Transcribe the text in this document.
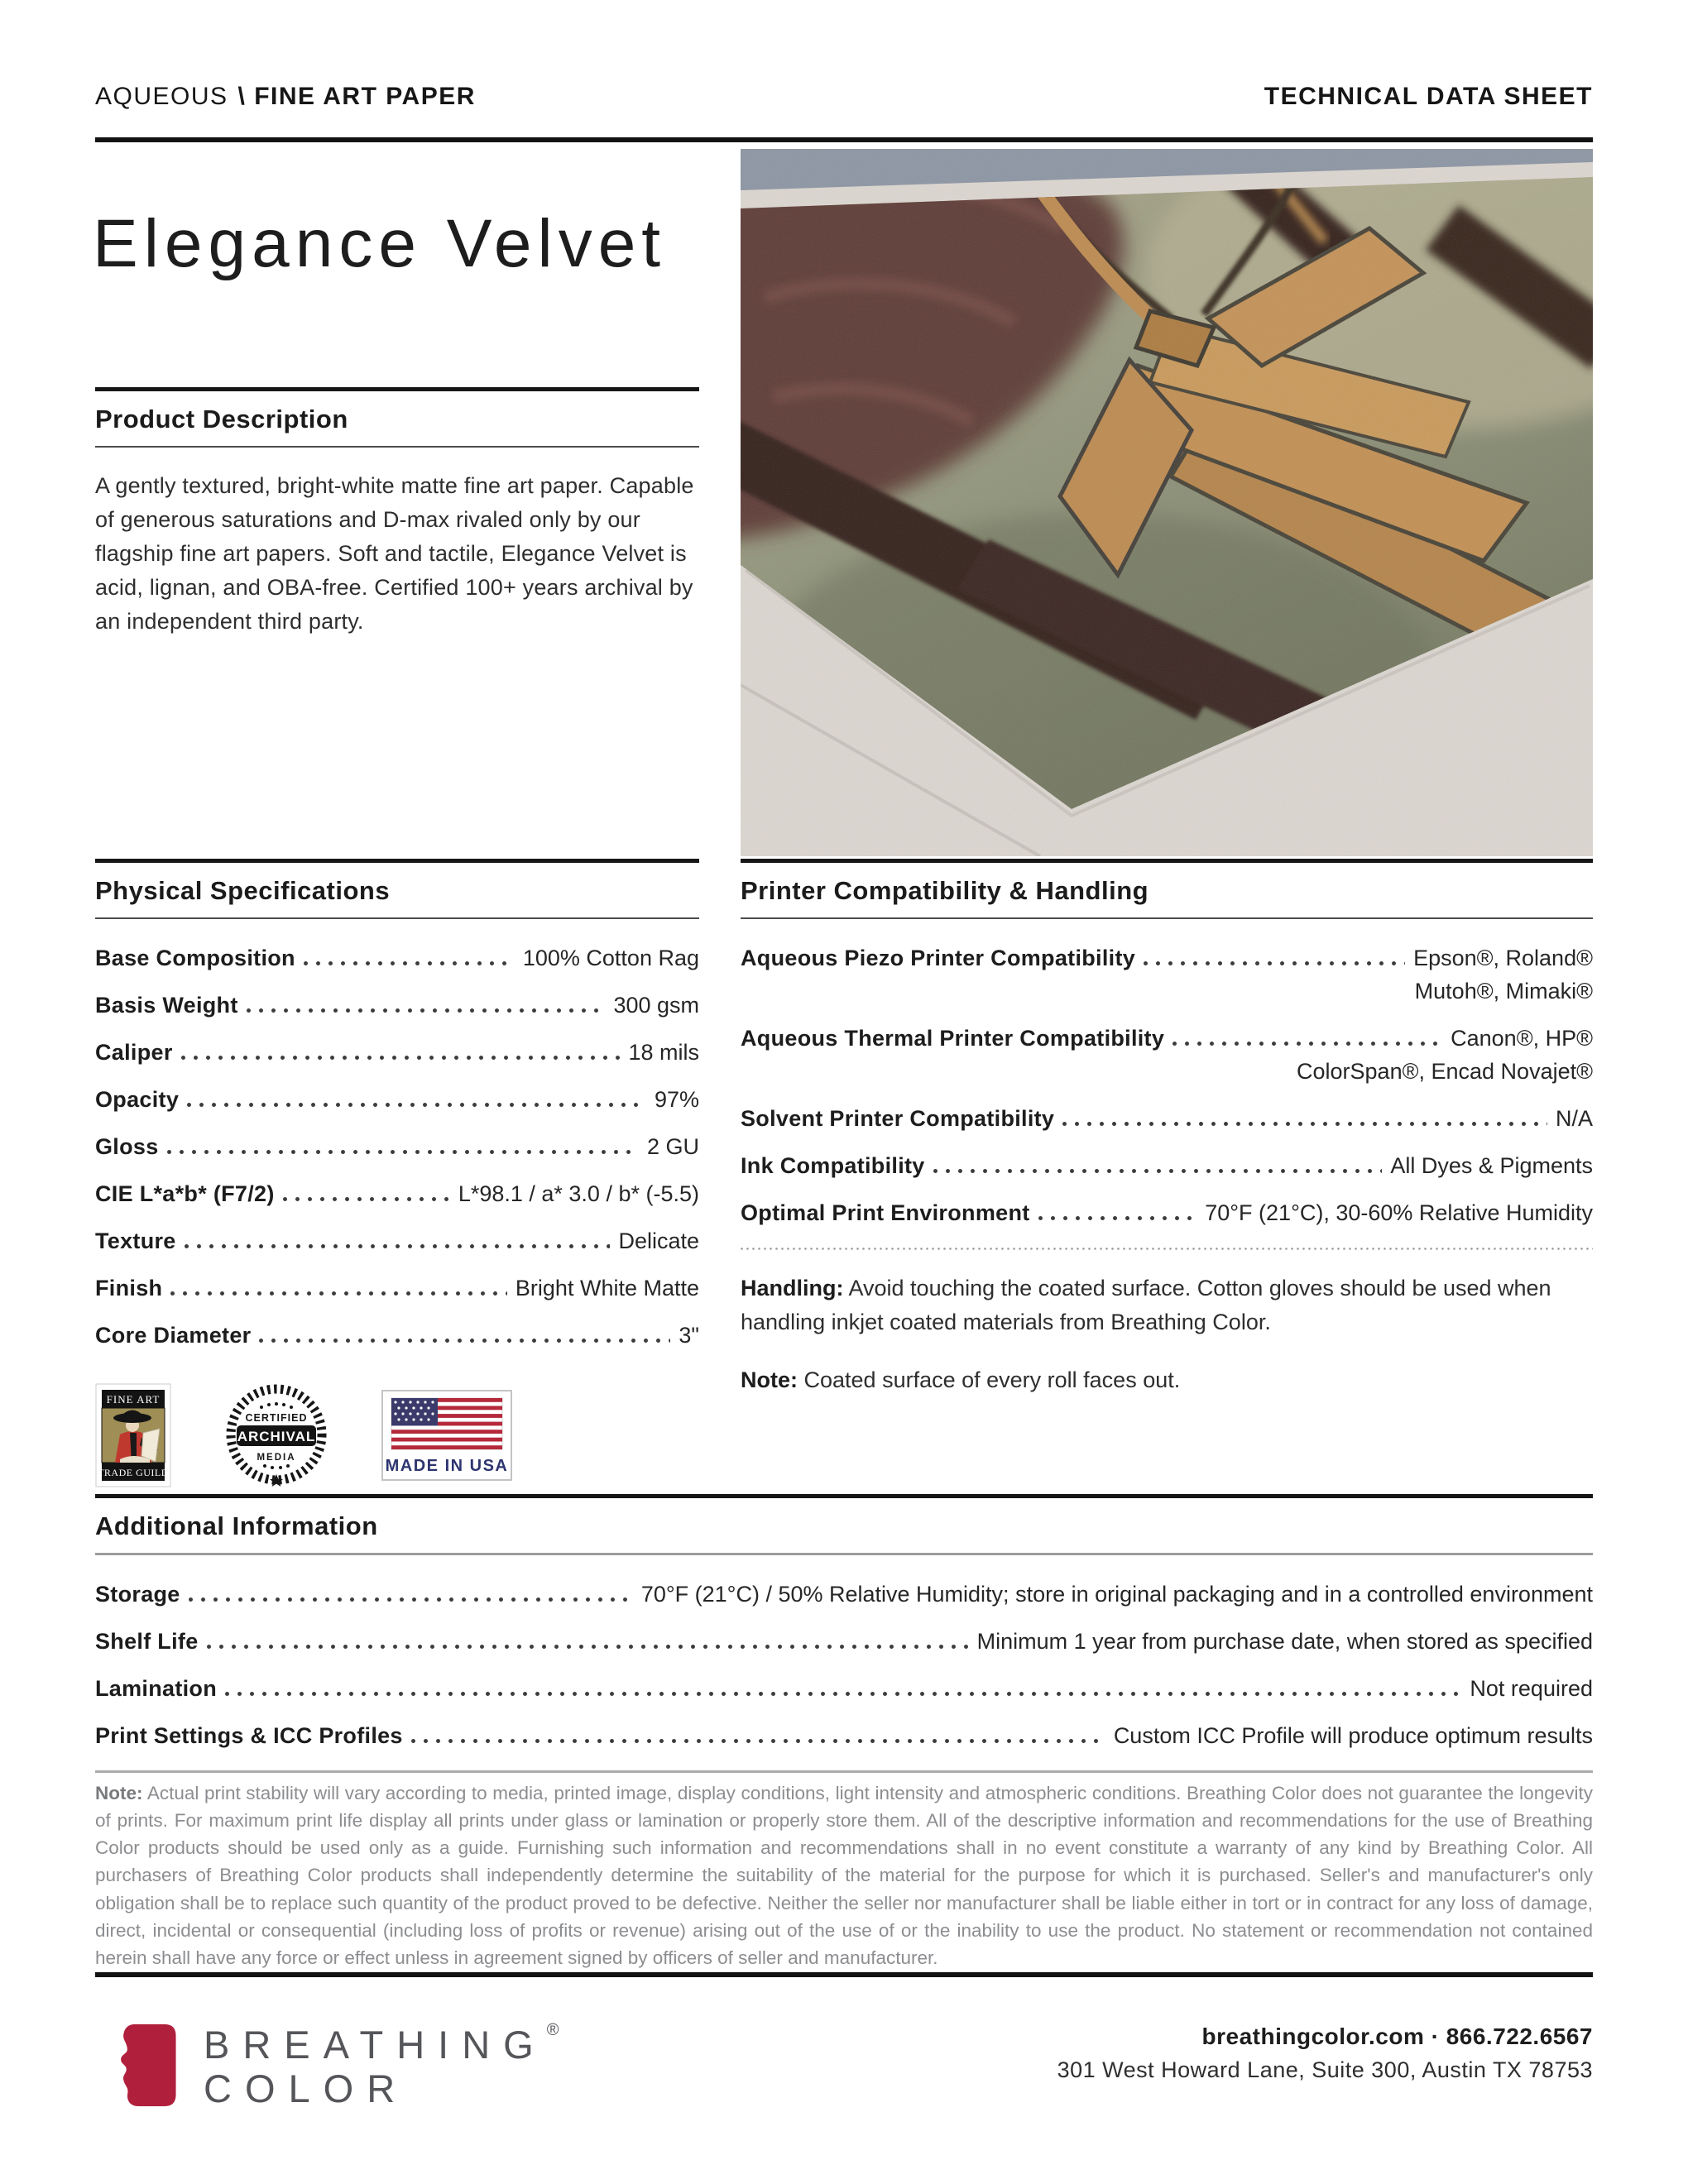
AQUEOUS \ FINE ART PAPER	TECHNICAL DATA SHEET
Elegance Velvet
Product Description

A gently textured, bright-white matte fine art paper. Capable of generous saturations and D-max rivaled only by our flagship fine art papers. Soft and tactile, Elegance Velvet is acid, lignan, and OBA-free. Certified 100+ years archival by an independent third party.

Physical Specifications
Base Composition	100% Cotton Rag
Basis Weight	300 gsm
Caliper	18 mils
Opacity	97%
Gloss	2 GU
CIE L*a*b* (F7/2)	L*98.1 / a* 3.0 / b* (-5.5)
Texture	Delicate
Finish	Bright White Matte
Core Diameter	3"
FINE ART
TRADE GUILD
CERTIFIED
ARCHIVAL
MEDIA	MADE IN USA
Printer Compatibility & Handling
Aqueous Piezo Printer Compatibility	Epson®, Roland®
Mutoh®, Mimaki®
Aqueous Thermal Printer Compatibility	Canon®, HP®
ColorSpan®, Encad Novajet®
Solvent Printer Compatibility	N/A
Ink Compatibility	All Dyes & Pigments
Optimal Print Environment	70°F (21°C), 30-60% Relative Humidity

Handling: Avoid touching the coated surface. Cotton gloves should be used when handling inkjet coated materials from Breathing Color.

Note: Coated surface of every roll faces out.

Additional Information
Storage	70°F (21°C) / 50% Relative Humidity; store in original packaging and in a controlled environment
Shelf Life	Minimum 1 year from purchase date, when stored as specified
Lamination	Not required
Print Settings & ICC Profiles	Custom ICC Profile will produce optimum results

Note: Actual print stability will vary according to media, printed image, display conditions, light intensity and atmospheric conditions. Breathing Color does not guarantee the longevity of prints. For maximum print life display all prints under glass or lamination or properly store them. All of the descriptive information and recommendations for the use of Breathing Color products should be used only as a guide. Furnishing such information and recommendations shall in no event constitute a warranty of any kind by Breathing Color. All purchasers of Breathing Color products shall independently determine the suitability of the material for the purpose for which it is purchased. Seller's and manufacturer's only obligation shall be to replace such quantity of the product proved to be defective. Neither the seller nor manufacturer shall be liable either in tort or in contract for any loss of damage, direct, incidental or consequential (including loss of profits or revenue) arising out of the use of or the inability to use the product. No statement or recommendation not contained herein shall have any force or effect unless in agreement signed by officers of seller and manufacturer.

BREATHING®
COLOR
breathingcolor.com · 866.722.6567
301 West Howard Lane, Suite 300, Austin TX 78753
